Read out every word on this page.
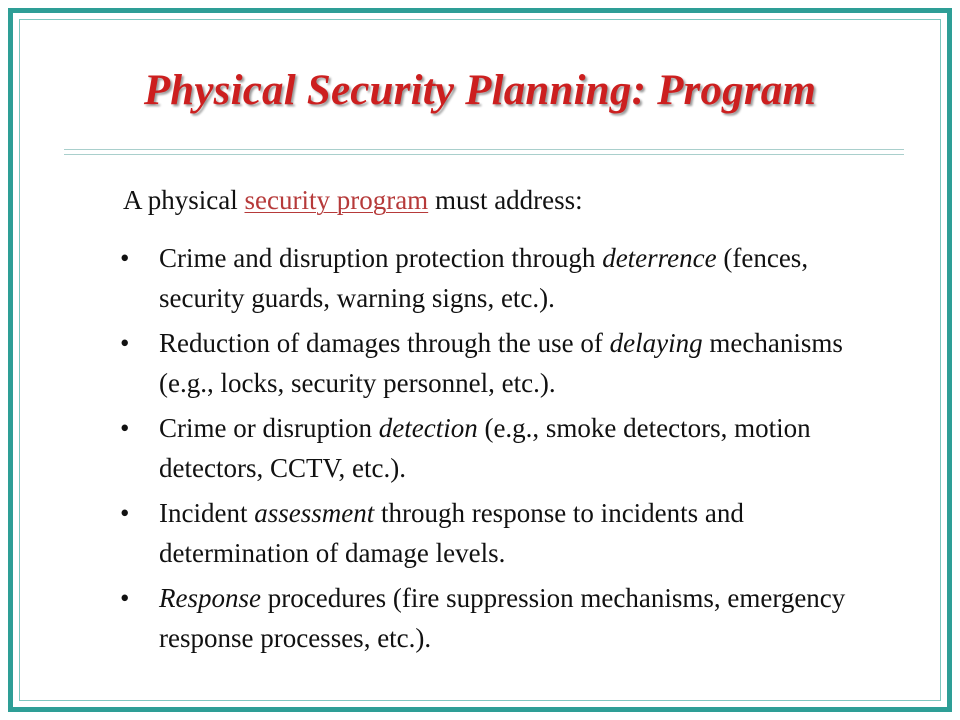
Physical Security Planning: Program
A physical security program must address:
• Crime and disruption protection through deterrence (fences, security guards, warning signs, etc.).
• Reduction of damages through the use of delaying mechanisms (e.g., locks, security personnel, etc.).
• Crime or disruption detection (e.g., smoke detectors, motion detectors, CCTV, etc.).
• Incident assessment through response to incidents and determination of damage levels.
• Response procedures (fire suppression mechanisms, emergency response processes, etc.).
